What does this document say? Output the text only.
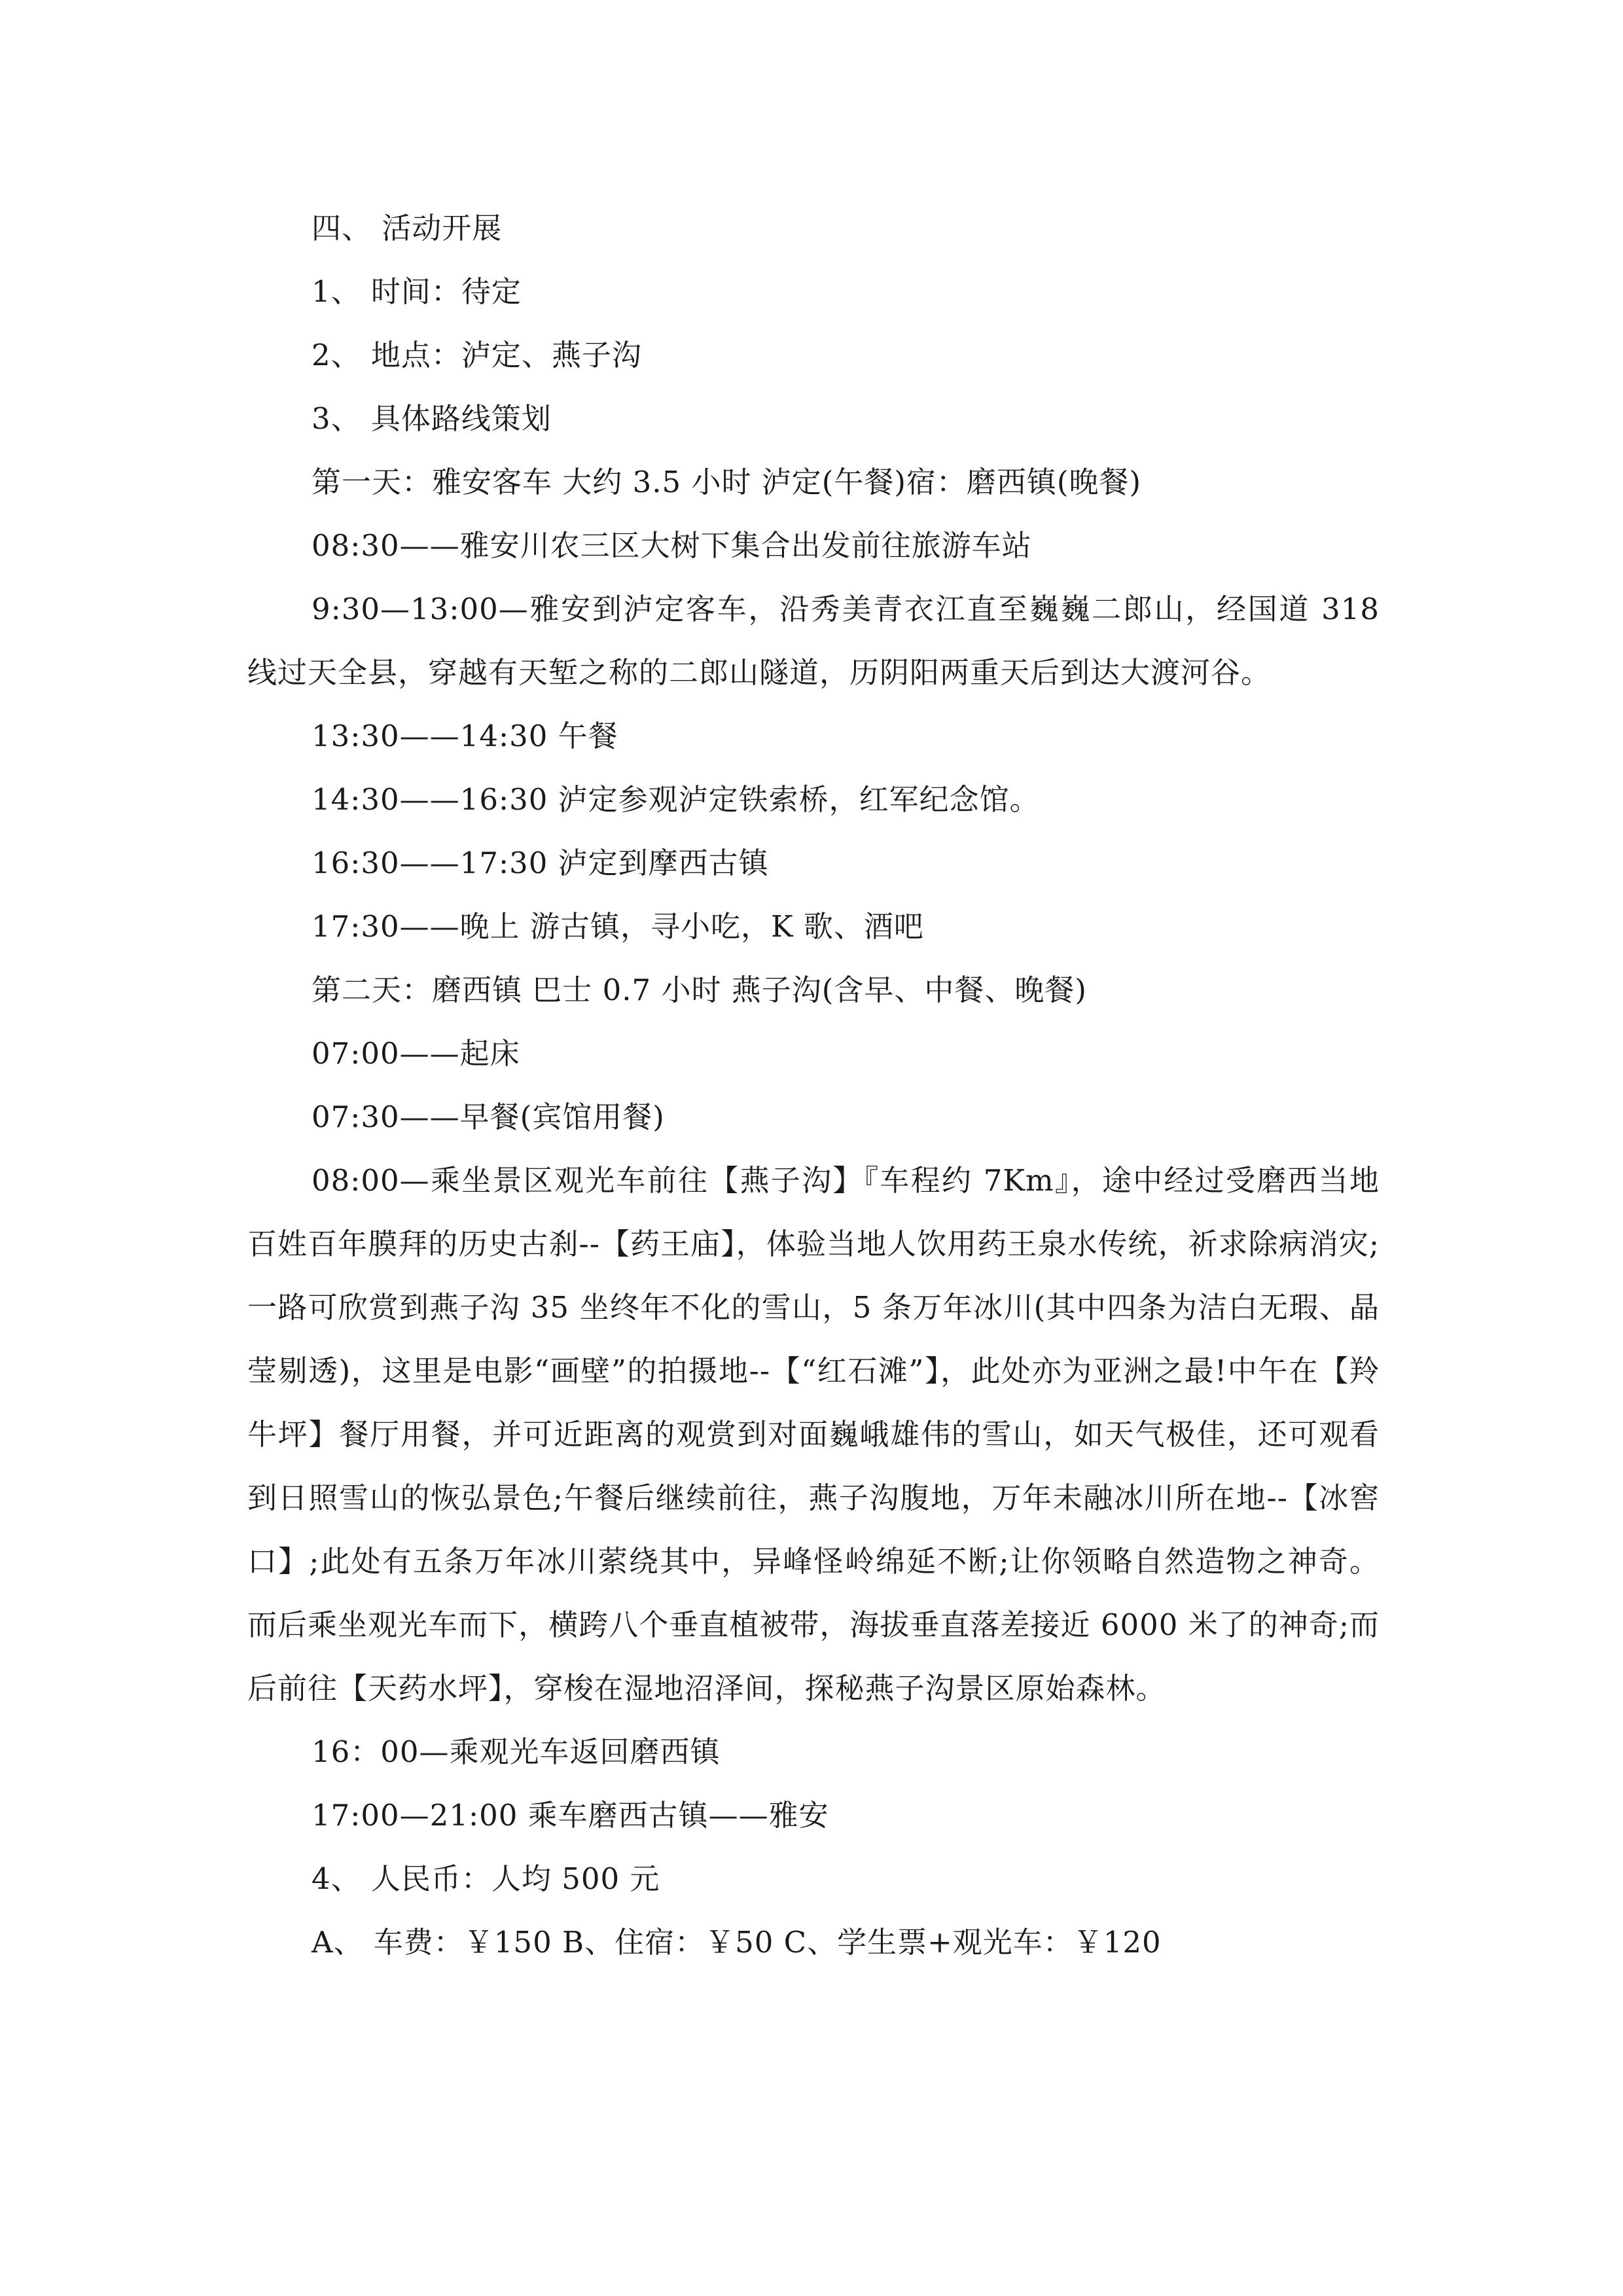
四、 活动开展

1、 时间：待定

2、 地点：泸定、燕子沟

3、 具体路线策划

第一天：雅安客车 大约 3.5 小时 泸定(午餐)宿：磨西镇(晚餐)

08:30——雅安川农三区大树下集合出发前往旅游车站

9:30—13:00—雅安到泸定客车，沿秀美青衣江直至巍巍二郎山，经国道 318 线过天全县，穿越有天堑之称的二郎山隧道，历阴阳两重天后到达大渡河谷。

13:30——14:30 午餐

14:30——16:30 泸定参观泸定铁索桥，红军纪念馆。

16:30——17:30 泸定到摩西古镇

17:30——晚上 游古镇，寻小吃，K 歌、酒吧

第二天：磨西镇 巴士 0.7 小时 燕子沟(含早、中餐、晚餐)

07:00——起床

07:30——早餐(宾馆用餐)

08:00—乘坐景区观光车前往【燕子沟】『车程约 7Km』，途中经过受磨西当地百姓百年膜拜的历史古刹--【药王庙】，体验当地人饮用药王泉水传统，祈求除病消灾;一路可欣赏到燕子沟 35 坐终年不化的雪山，5 条万年冰川(其中四条为洁白无瑕、晶莹剔透)，这里是电影“画壁”的拍摄地--【“红石滩”】，此处亦为亚洲之最!中午在【羚牛坪】餐厅用餐，并可近距离的观赏到对面巍峨雄伟的雪山，如天气极佳，还可观看到日照雪山的恢弘景色;午餐后继续前往，燕子沟腹地，万年未融冰川所在地--【冰窖口】;此处有五条万年冰川萦绕其中，异峰怪岭绵延不断;让你领略自然造物之神奇。而后乘坐观光车而下，横跨八个垂直植被带，海拔垂直落差接近 6000 米了的神奇;而后前往【天药水坪】，穿梭在湿地沼泽间，探秘燕子沟景区原始森林。

16：00—乘观光车返回磨西镇

17:00—21:00 乘车磨西古镇——雅安

4、 人民币：人均 500 元

A、 车费：￥150 B、住宿：￥50 C、学生票+观光车：￥120
